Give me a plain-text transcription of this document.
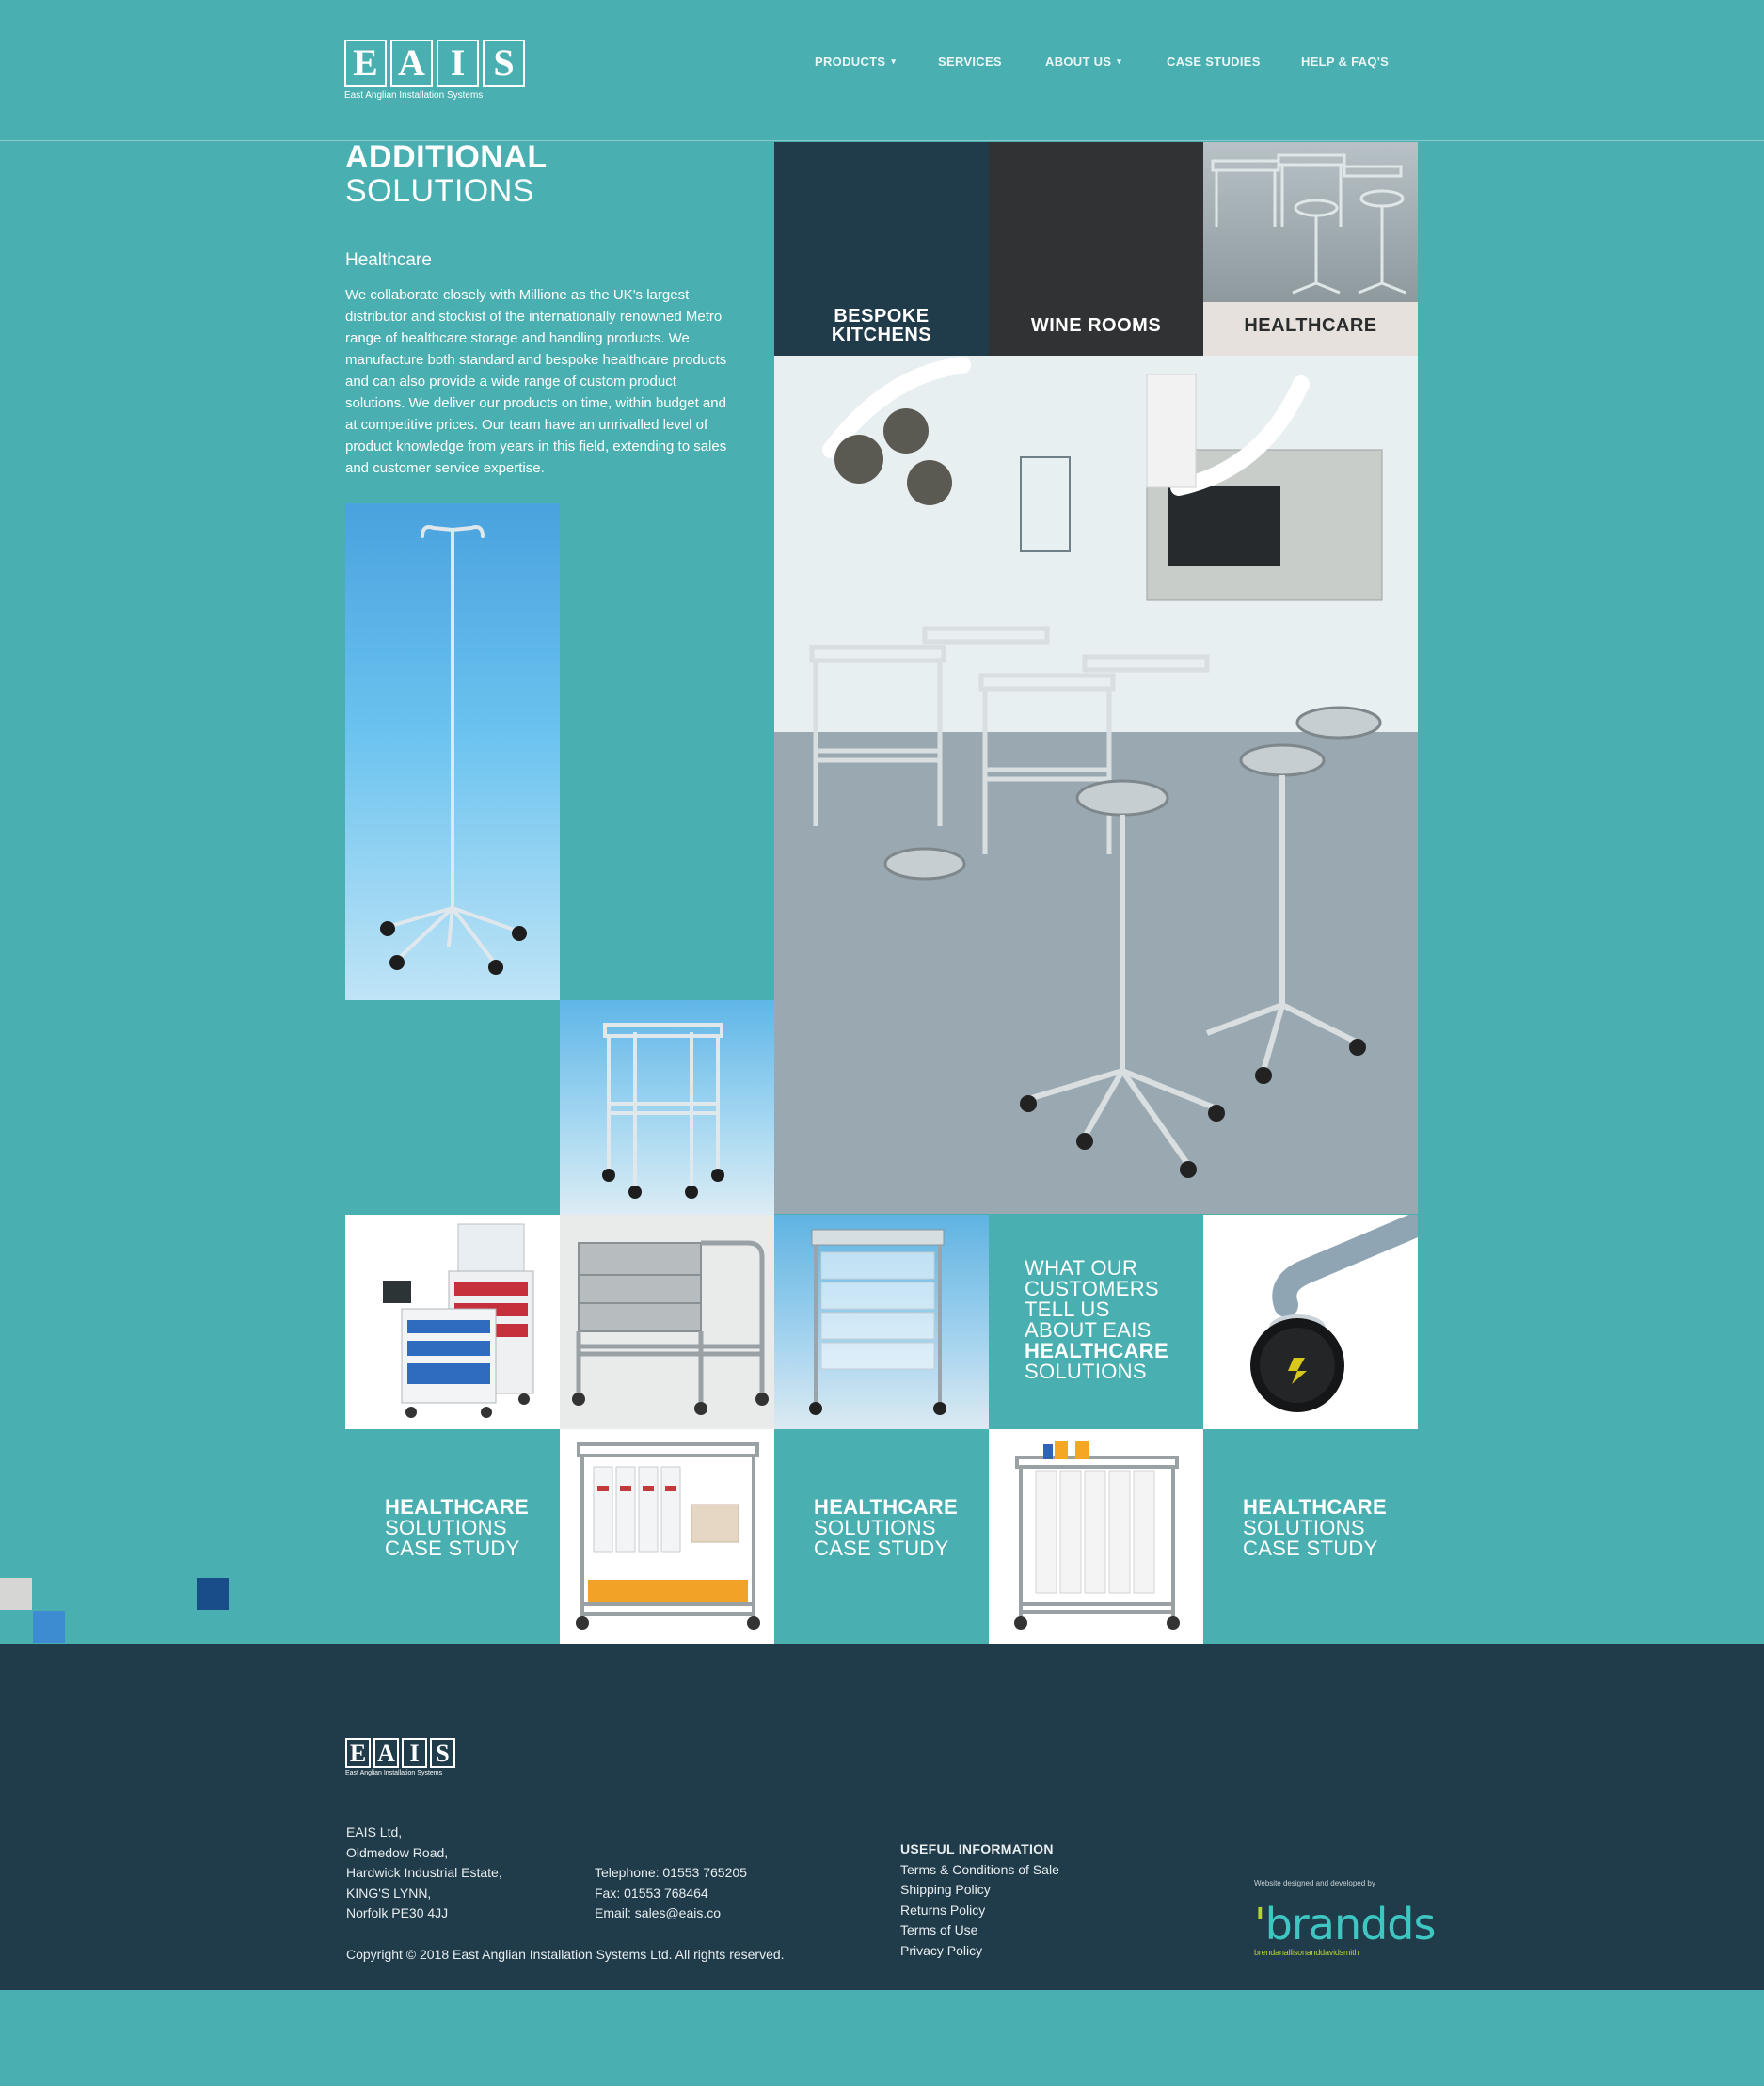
E A I S
East Anglian Installation Systems
PRODUCTS ▾	SERVICES	ABOUT US ▾	CASE STUDIES	HELP & FAQ'S
ADDITIONAL
SOLUTIONS
Healthcare

We collaborate closely with Millione as the UK's largest distributor and stockist of the internationally renowned Metro range of healthcare storage and handling products. We manufacture both standard and bespoke healthcare products and can also provide a wide range of custom product solutions. We deliver our products on time, within budget and at competitive prices. Our team have an unrivalled level of product knowledge from years in this field, extending to sales and customer service expertise.

BESPOKE
KITCHENS	WINE ROOMS	HEALTHCARE
WHAT OUR
CUSTOMERS
TELL US
ABOUT EAIS
HEALTHCARE
SOLUTIONS
HEALTHCARE
SOLUTIONS
CASE STUDY
HEALTHCARE
SOLUTIONS
CASE STUDY
HEALTHCARE
SOLUTIONS
CASE STUDY
E A I S
East Anglian Installation Systems
EAIS Ltd,
Oldmedow Road,
Hardwick Industrial Estate,
KING'S LYNN,
Norfolk PE30 4JJ
Telephone: 01553 765205
Fax: 01553 768464
Email: sales@eais.co
Copyright © 2018 East Anglian Installation Systems Ltd. All rights reserved.
USEFUL INFORMATION
Terms & Conditions of Sale
Shipping Policy
Returns Policy
Terms of Use
Privacy Policy
Website designed and developed by
'brandds
brendanallisonanddavidsmith
